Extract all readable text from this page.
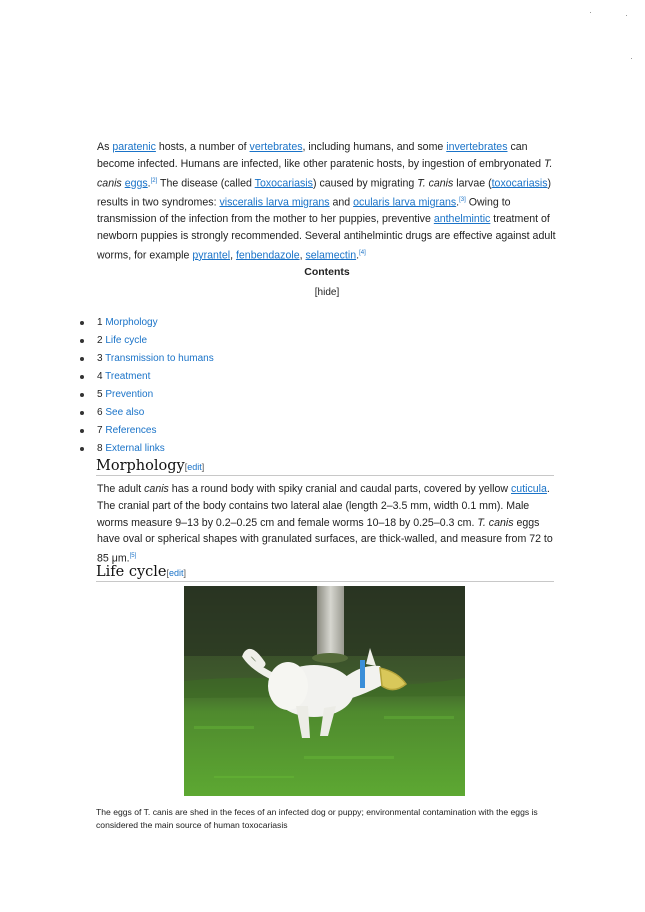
As paratenic hosts, a number of vertebrates, including humans, and some invertebrates can become infected. Humans are infected, like other paratenic hosts, by ingestion of embryonated T. canis eggs.[2] The disease (called Toxocariasis) caused by migrating T. canis larvae (toxocariasis) results in two syndromes: visceralis larva migrans and ocularis larva migrans.[3] Owing to transmission of the infection from the mother to her puppies, preventive anthelmintic treatment of newborn puppies is strongly recommended. Several antihelmintic drugs are effective against adult worms, for example pyrantel, fenbendazole, selamectin.[4]
Contents
[hide]
1 Morphology
2 Life cycle
3 Transmission to humans
4 Treatment
5 Prevention
6 See also
7 References
8 External links
Morphology[edit]
The adult canis has a round body with spiky cranial and caudal parts, covered by yellow cuticula. The cranial part of the body contains two lateral alae (length 2–3.5 mm, width 0.1 mm). Male worms measure 9–13 by 0.2–0.25 cm and female worms 10–18 by 0.25–0.3 cm. T. canis eggs have oval or spherical shapes with granulated surfaces, are thick-walled, and measure from 72 to 85 μm.[5]
Life cycle[edit]
The eggs of T. canis are shed in the feces of an infected dog or puppy; environmental contamination with the eggs is considered the main source of human toxocariasis
